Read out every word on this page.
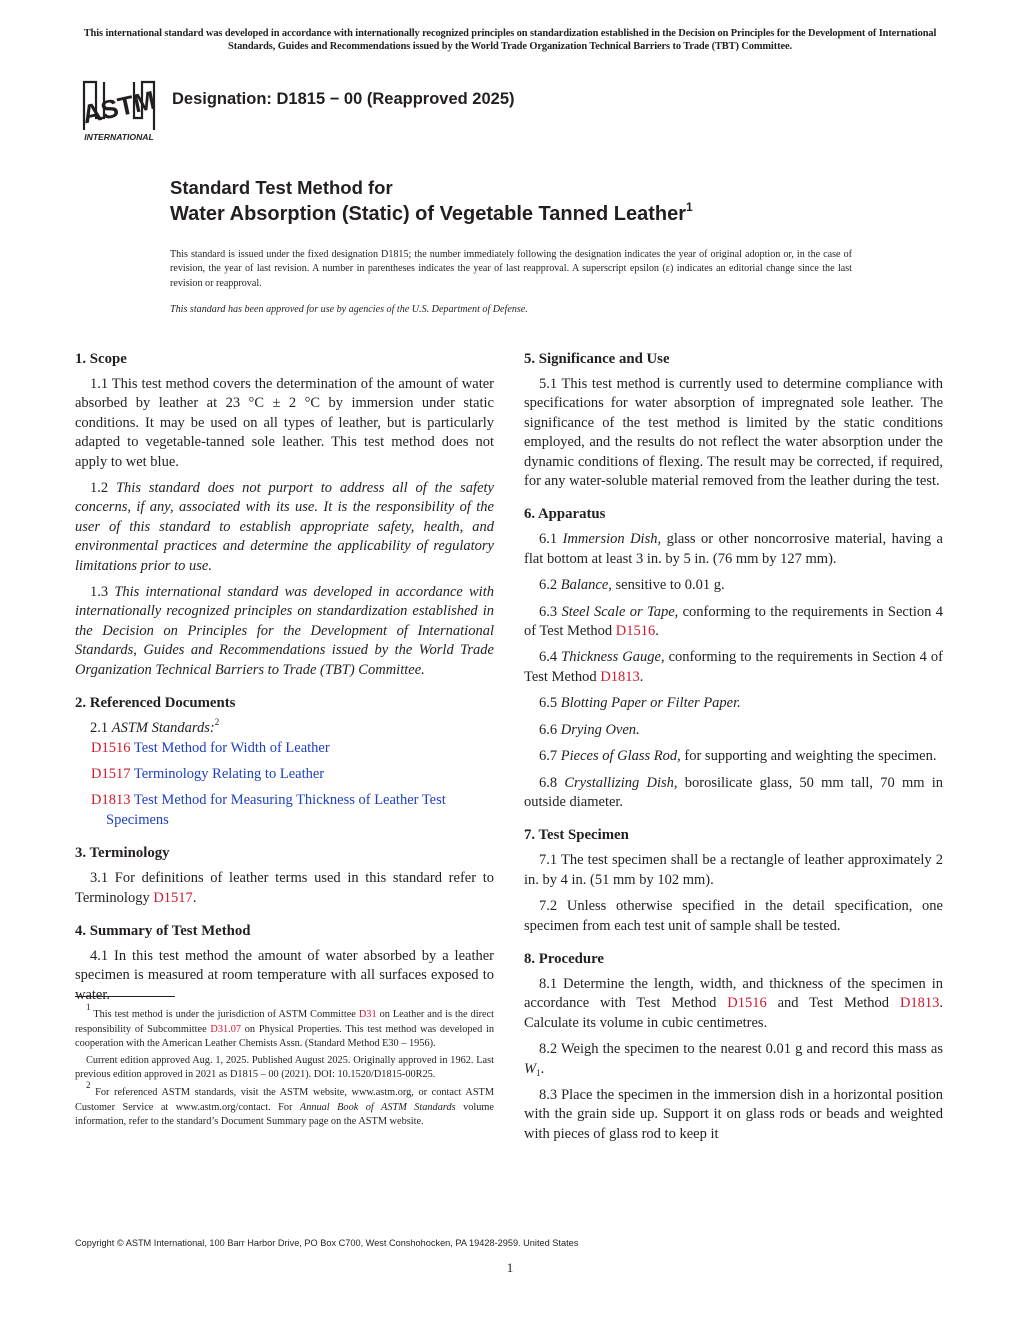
This international standard was developed in accordance with internationally recognized principles on standardization established in the Decision on Principles for the Development of International Standards, Guides and Recommendations issued by the World Trade Organization Technical Barriers to Trade (TBT) Committee.
ASTM
INTERNATIONAL
Designation: D1815 − 00 (Reapproved 2025)
Standard Test Method for
Water Absorption (Static) of Vegetable Tanned Leather$^1$
This standard is issued under the fixed designation D1815; the number immediately following the designation indicates the year of original adoption or, in the case of revision, the year of last revision. A number in parentheses indicates the year of last reapproval. A superscript epsilon (ε) indicates an editorial change since the last revision or reapproval.
This standard has been approved for use by agencies of the U.S. Department of Defense.
1. Scope

1.1 This test method covers the determination of the amount of water absorbed by leather at 23 °C ± 2 °C by immersion under static conditions. It may be used on all types of leather, but is particularly adapted to vegetable-tanned sole leather. This test method does not apply to wet blue.

1.2 This standard does not purport to address all of the safety concerns, if any, associated with its use. It is the responsibility of the user of this standard to establish appropriate safety, health, and environmental practices and determine the applicability of regulatory limitations prior to use.

1.3 This international standard was developed in accordance with internationally recognized principles on standardization established in the Decision on Principles for the Development of International Standards, Guides and Recommendations issued by the World Trade Organization Technical Barriers to Trade (TBT) Committee.

2. Referenced Documents

2.1 ASTM Standards:$^2$

D1516 Test Method for Width of Leather

D1517 Terminology Relating to Leather

D1813 Test Method for Measuring Thickness of Leather Test Specimens

3. Terminology

3.1 For definitions of leather terms used in this standard refer to Terminology D1517.

4. Summary of Test Method

4.1 In this test method the amount of water absorbed by a leather specimen is measured at room temperature with all surfaces exposed to water.

$^1$ This test method is under the jurisdiction of ASTM Committee D31 on Leather and is the direct responsibility of Subcommittee D31.07 on Physical Properties. This test method was developed in cooperation with the American Leather Chemists Assn. (Standard Method E30 – 1956).

Current edition approved Aug. 1, 2025. Published August 2025. Originally approved in 1962. Last previous edition approved in 2021 as D1815 – 00 (2021). DOI: 10.1520/D1815-00R25.

$^2$ For referenced ASTM standards, visit the ASTM website, www.astm.org, or contact ASTM Customer Service at www.astm.org/contact. For Annual Book of ASTM Standards volume information, refer to the standard’s Document Summary page on the ASTM website.

5. Significance and Use

5.1 This test method is currently used to determine compliance with specifications for water absorption of impregnated sole leather. The significance of the test method is limited by the static conditions employed, and the results do not reflect the water absorption under the dynamic conditions of flexing. The result may be corrected, if required, for any water-soluble material removed from the leather during the test.

6. Apparatus

6.1 Immersion Dish, glass or other noncorrosive material, having a flat bottom at least 3 in. by 5 in. (76 mm by 127 mm).

6.2 Balance, sensitive to 0.01 g.

6.3 Steel Scale or Tape, conforming to the requirements in Section 4 of Test Method D1516.

6.4 Thickness Gauge, conforming to the requirements in Section 4 of Test Method D1813.

6.5 Blotting Paper or Filter Paper.

6.6 Drying Oven.

6.7 Pieces of Glass Rod, for supporting and weighting the specimen.

6.8 Crystallizing Dish, borosilicate glass, 50 mm tall, 70 mm in outside diameter.

7. Test Specimen

7.1 The test specimen shall be a rectangle of leather approximately 2 in. by 4 in. (51 mm by 102 mm).

7.2 Unless otherwise specified in the detail specification, one specimen from each test unit of sample shall be tested.

8. Procedure

8.1 Determine the length, width, and thickness of the specimen in accordance with Test Method D1516 and Test Method D1813. Calculate its volume in cubic centimetres.

8.2 Weigh the specimen to the nearest 0.01 g and record this mass as $W_1$.

8.3 Place the specimen in the immersion dish in a horizontal position with the grain side up. Support it on glass rods or beads and weighted with pieces of glass rod to keep it

Copyright © ASTM International, 100 Barr Harbor Drive, PO Box C700, West Conshohocken, PA 19428-2959. United States
1
